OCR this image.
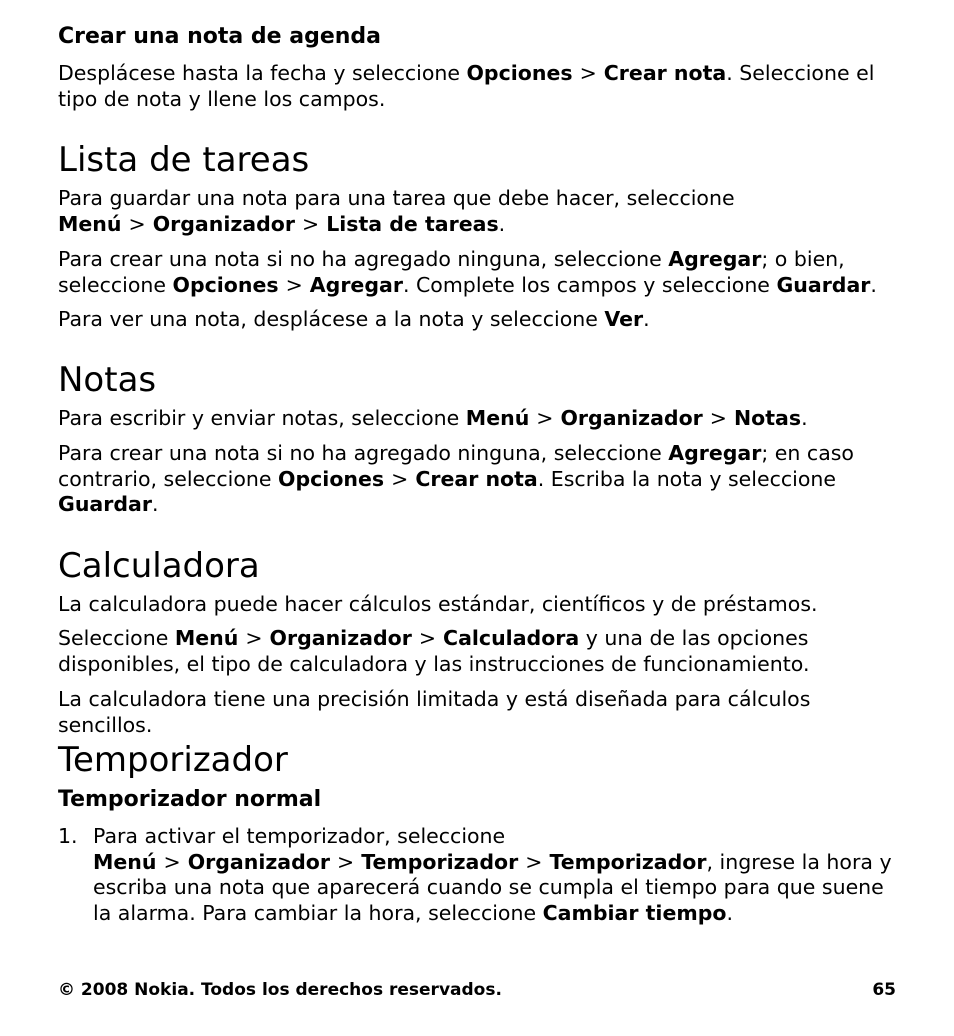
Crear una nota de agenda

Desplácese hasta la fecha y seleccione Opciones > Crear nota. Seleccione el tipo de nota y llene los campos.

Lista de tareas

Para guardar una nota para una tarea que debe hacer, seleccione Menú > Organizador > Lista de tareas.

Para crear una nota si no ha agregado ninguna, seleccione Agregar; o bien, seleccione Opciones > Agregar. Complete los campos y seleccione Guardar.

Para ver una nota, desplácese a la nota y seleccione Ver.

Notas

Para escribir y enviar notas, seleccione Menú > Organizador > Notas.

Para crear una nota si no ha agregado ninguna, seleccione Agregar; en caso contrario, seleccione Opciones > Crear nota. Escriba la nota y seleccione Guardar.

Calculadora

La calculadora puede hacer cálculos estándar, científicos y de préstamos.

Seleccione Menú > Organizador > Calculadora y una de las opciones disponibles, el tipo de calculadora y las instrucciones de funcionamiento.

La calculadora tiene una precisión limitada y está diseñada para cálculos sencillos.

Temporizador
Temporizador normal
1. Para activar el temporizador, seleccione Menú > Organizador > Temporizador > Temporizador, ingrese la hora y escriba una nota que aparecerá cuando se cumpla el tiempo para que suene la alarma. Para cambiar la hora, seleccione Cambiar tiempo.
© 2008 Nokia. Todos los derechos reservados.	65
